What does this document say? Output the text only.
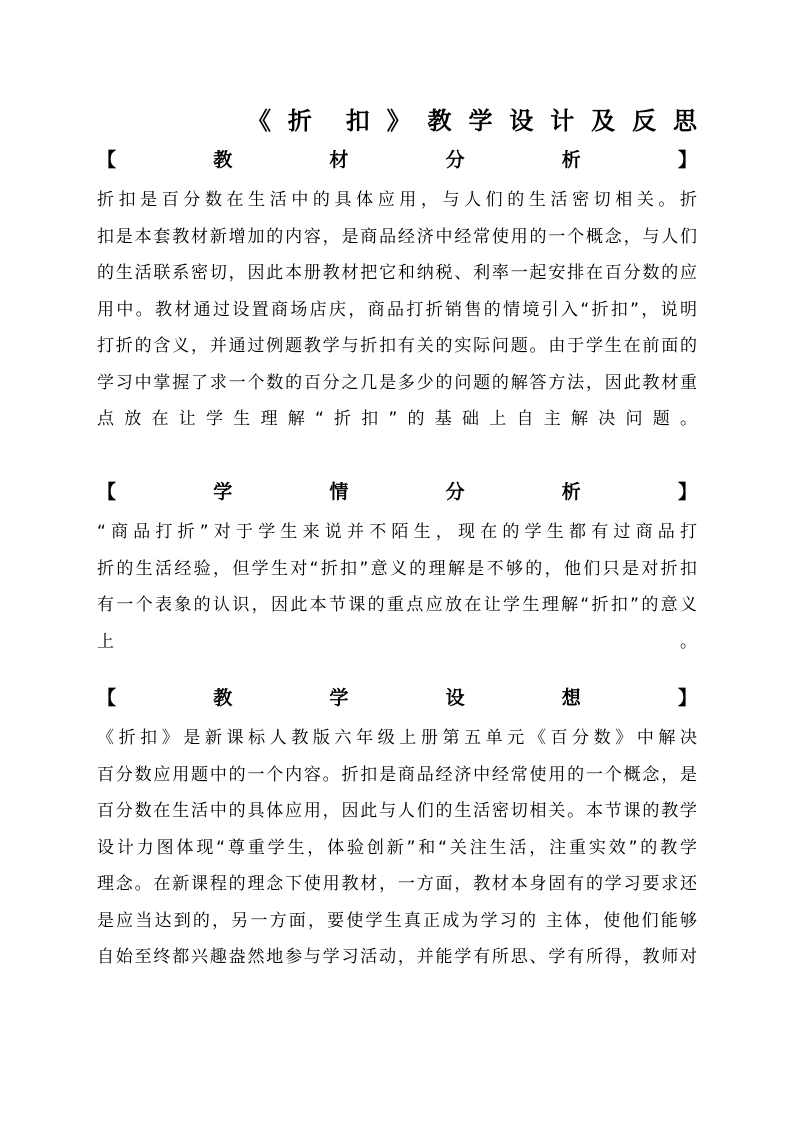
《 折 扣 》 教 学 设 计 及 反 思
【	教	材	分	析	】
折扣是百分数在生活中的具体应用，与人们的生活密切相关。折
扣是本套教材新增加的内容，是商品经济中经常使用的一个概念，与人们
的生活联系密切，因此本册教材把它和纳税、利率一起安排在百分数的应
用中。教材通过设置商场店庆，商品打折销售的情境引入“折扣”，说明
打折的含义，并通过例题教学与折扣有关的实际问题。由于学生在前面的
学习中掌握了求一个数的百分之几是多少的问题的解答方法，因此教材重
点放在让学生理解“折扣”的基础上自主解决问题。
【	学	情	分	析	】
“商品打折”对于学生来说并不陌生，现在的学生都有过商品打
折的生活经验，但学生对“折扣”意义的理解是不够的，他们只是对折扣
有一个表象的认识，因此本节课的重点应放在让学生理解“折扣”的意义
上　　　　　　　　　　　　　　　　　　　　　　　　　　　　　　　　。
【	教	学	设	想	】
《折扣》是新课标人教版六年级上册第五单元《百分数》中解决
百分数应用题中的一个内容。折扣是商品经济中经常使用的一个概念，是
百分数在生活中的具体应用，因此与人们的生活密切相关。本节课的教学
设计力图体现“尊重学生，体验创新”和“关注生活，注重实效”的教学
理念。在新课程的理念下使用教材，一方面，教材本身固有的学习要求还
是应当达到的，另一方面，要使学生真正成为学习的 主体，使他们能够
自始至终都兴趣盎然地参与学习活动，并能学有所思、学有所得，教师对
